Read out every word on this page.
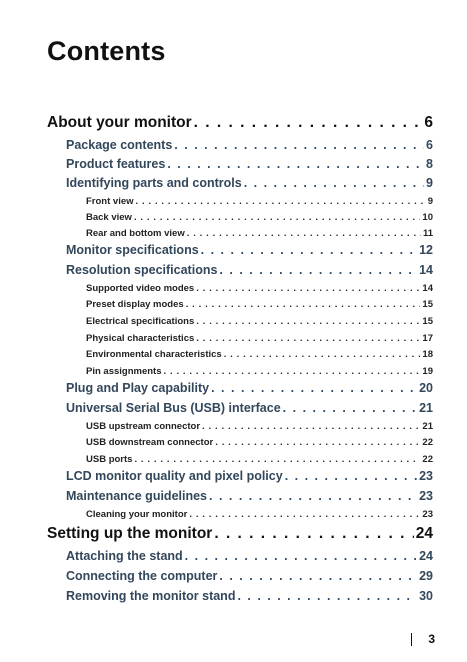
Contents
About your monitor . . .	6
Package contents . . .	6
Product features . . .	8
Identifying parts and controls . . .	9
Front view . . .	9
Back view . . .	10
Rear and bottom view . . .	11
Monitor specifications . . .	12
Resolution specifications . . .	14
Supported video modes . . .	14
Preset display modes . . .	15
Electrical specifications . . .	15
Physical characteristics . . .	17
Environmental characteristics . . .	18
Pin assignments . . .	19
Plug and Play capability . . .	20
Universal Serial Bus (USB) interface . . .	21
USB upstream connector . . .	21
USB downstream connector . . .	22
USB ports . . .	22
LCD monitor quality and pixel policy . . .	23
Maintenance guidelines . . .	23
Cleaning your monitor . . .	23
Setting up the monitor . . .	24
Attaching the stand . . .	24
Connecting the computer . . .	29
Removing the monitor stand . . .	30
3
